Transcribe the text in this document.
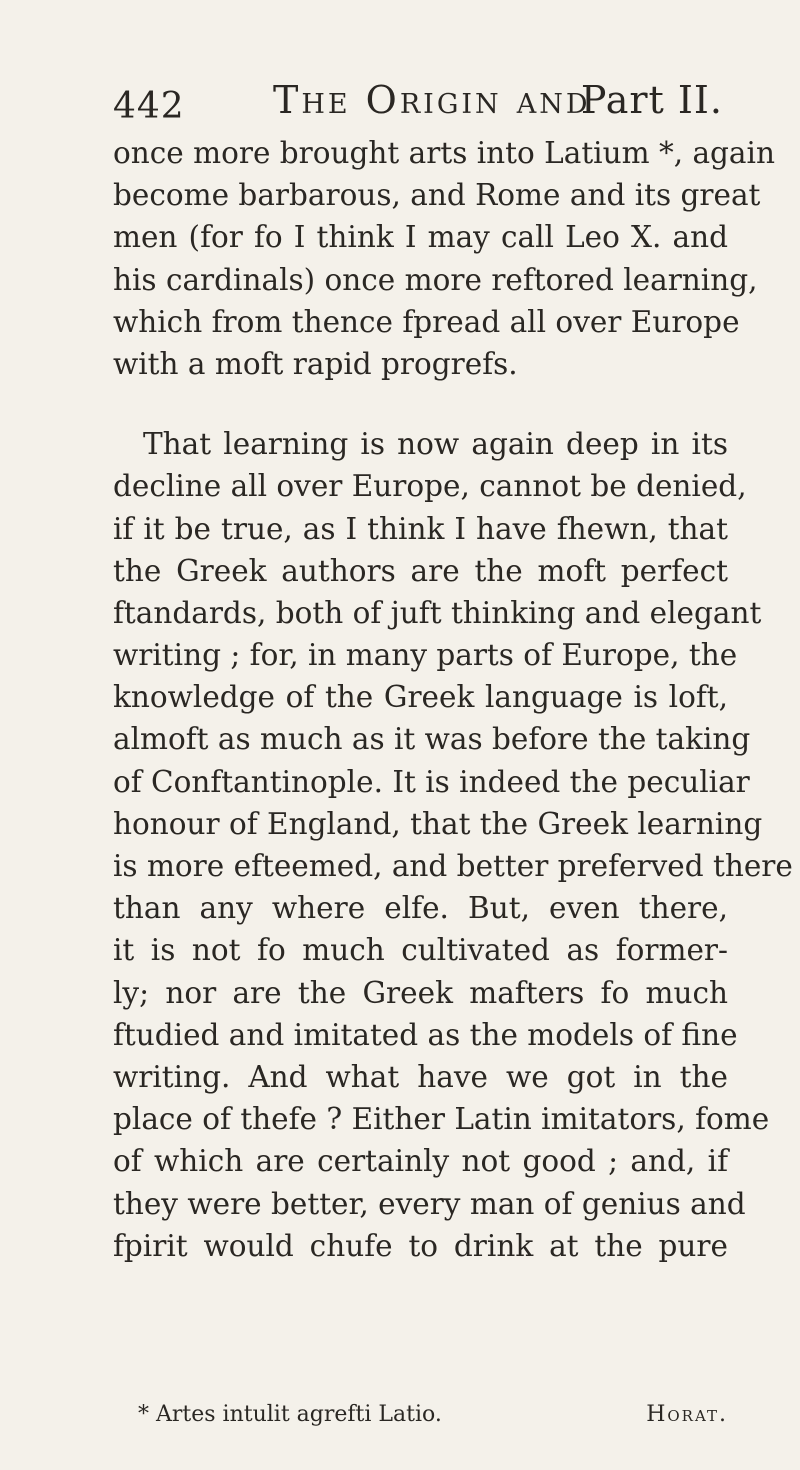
442 The Origin and
Part II.
once more brought arts into Latium *, again
become barbarous, and Rome and its great
men (for fo I think I may call Leo X. and
his cardinals) once more reftored learning,
which from thence fpread all over Europe
with a moft rapid progrefs.
That learning is now again deep in its
decline all over Europe, cannot be denied,
if it be true, as I think I have fhewn, that
the Greek authors are the moft perfect
ftandards, both of juft thinking and elegant
writing ; for, in many parts of Europe, the
knowledge of the Greek language is loft,
almoft as much as it was before the taking
of Conftantinople. It is indeed the peculiar
honour of England, that the Greek learning
is more efteemed, and better preferved there
than any where elfe. But, even there,
it is not fo much cultivated as former-
ly; nor are the Greek mafters fo much
ftudied and imitated as the models of fine
writing. And what have we got in the
place of thefe ? Either Latin imitators, fome
of which are certainly not good ; and, if
they were better, every man of genius and
fpirit would chufe to drink at the pure
* Artes intulit agrefti Latio.	Horat.
